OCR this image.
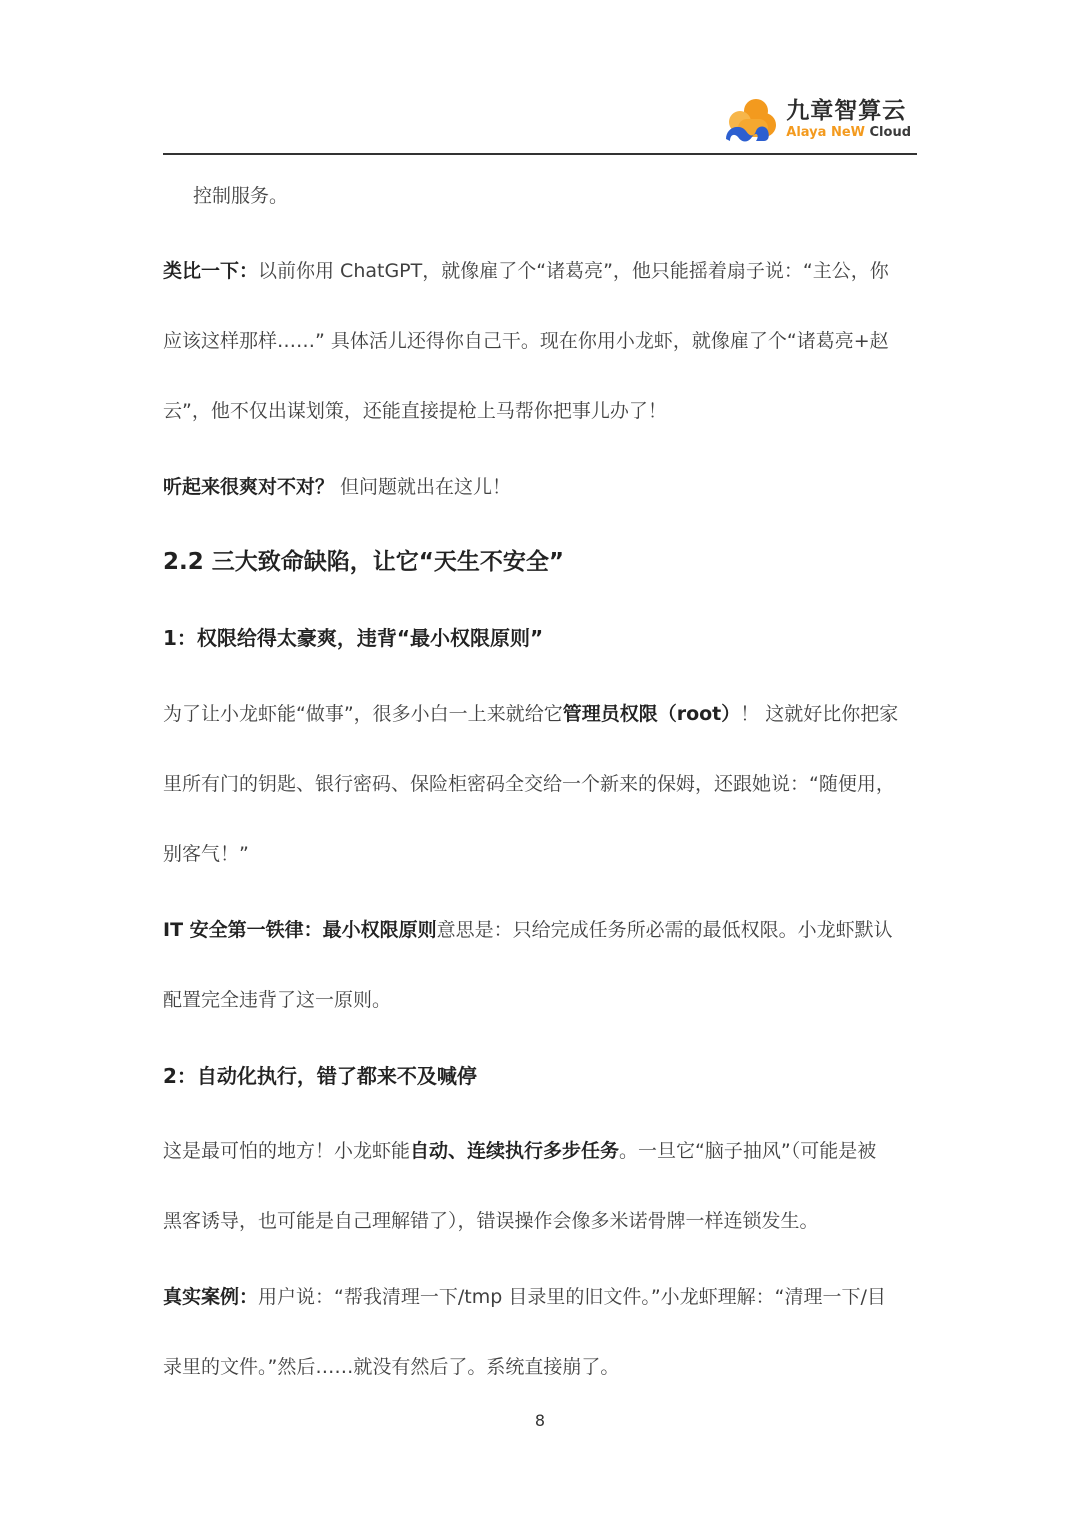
九章智算云
Alaya NeW Cloud
控制服务。
类比一下：以前你用 ChatGPT，就像雇了个“诸葛亮”，他只能摇着扇子说：“主公，你
应该这样那样……” 具体活儿还得你自己干。现在你用小龙虾，就像雇了个“诸葛亮+赵
云”，他不仅出谋划策，还能直接提枪上马帮你把事儿办了！
听起来很爽对不对？ 但问题就出在这儿！
2.2 三大致命缺陷，让它“天生不安全”
1：权限给得太豪爽，违背“最小权限原则”
为了让小龙虾能“做事”，很多小白一上来就给它管理员权限（root）！ 这就好比你把家
里所有门的钥匙、银行密码、保险柜密码全交给一个新来的保姆，还跟她说：“随便用，
别客气！”
IT 安全第一铁律：最小权限原则意思是：只给完成任务所必需的最低权限。小龙虾默认
配置完全违背了这一原则。
2：自动化执行，错了都来不及喊停
这是最可怕的地方！小龙虾能自动、连续执行多步任务。一旦它“脑子抽风”（可能是被
黑客诱导，也可能是自己理解错了），错误操作会像多米诺骨牌一样连锁发生。
真实案例：用户说：“帮我清理一下/tmp 目录里的旧文件。”小龙虾理解：“清理一下/目
录里的文件。”然后……就没有然后了。系统直接崩了。
8
